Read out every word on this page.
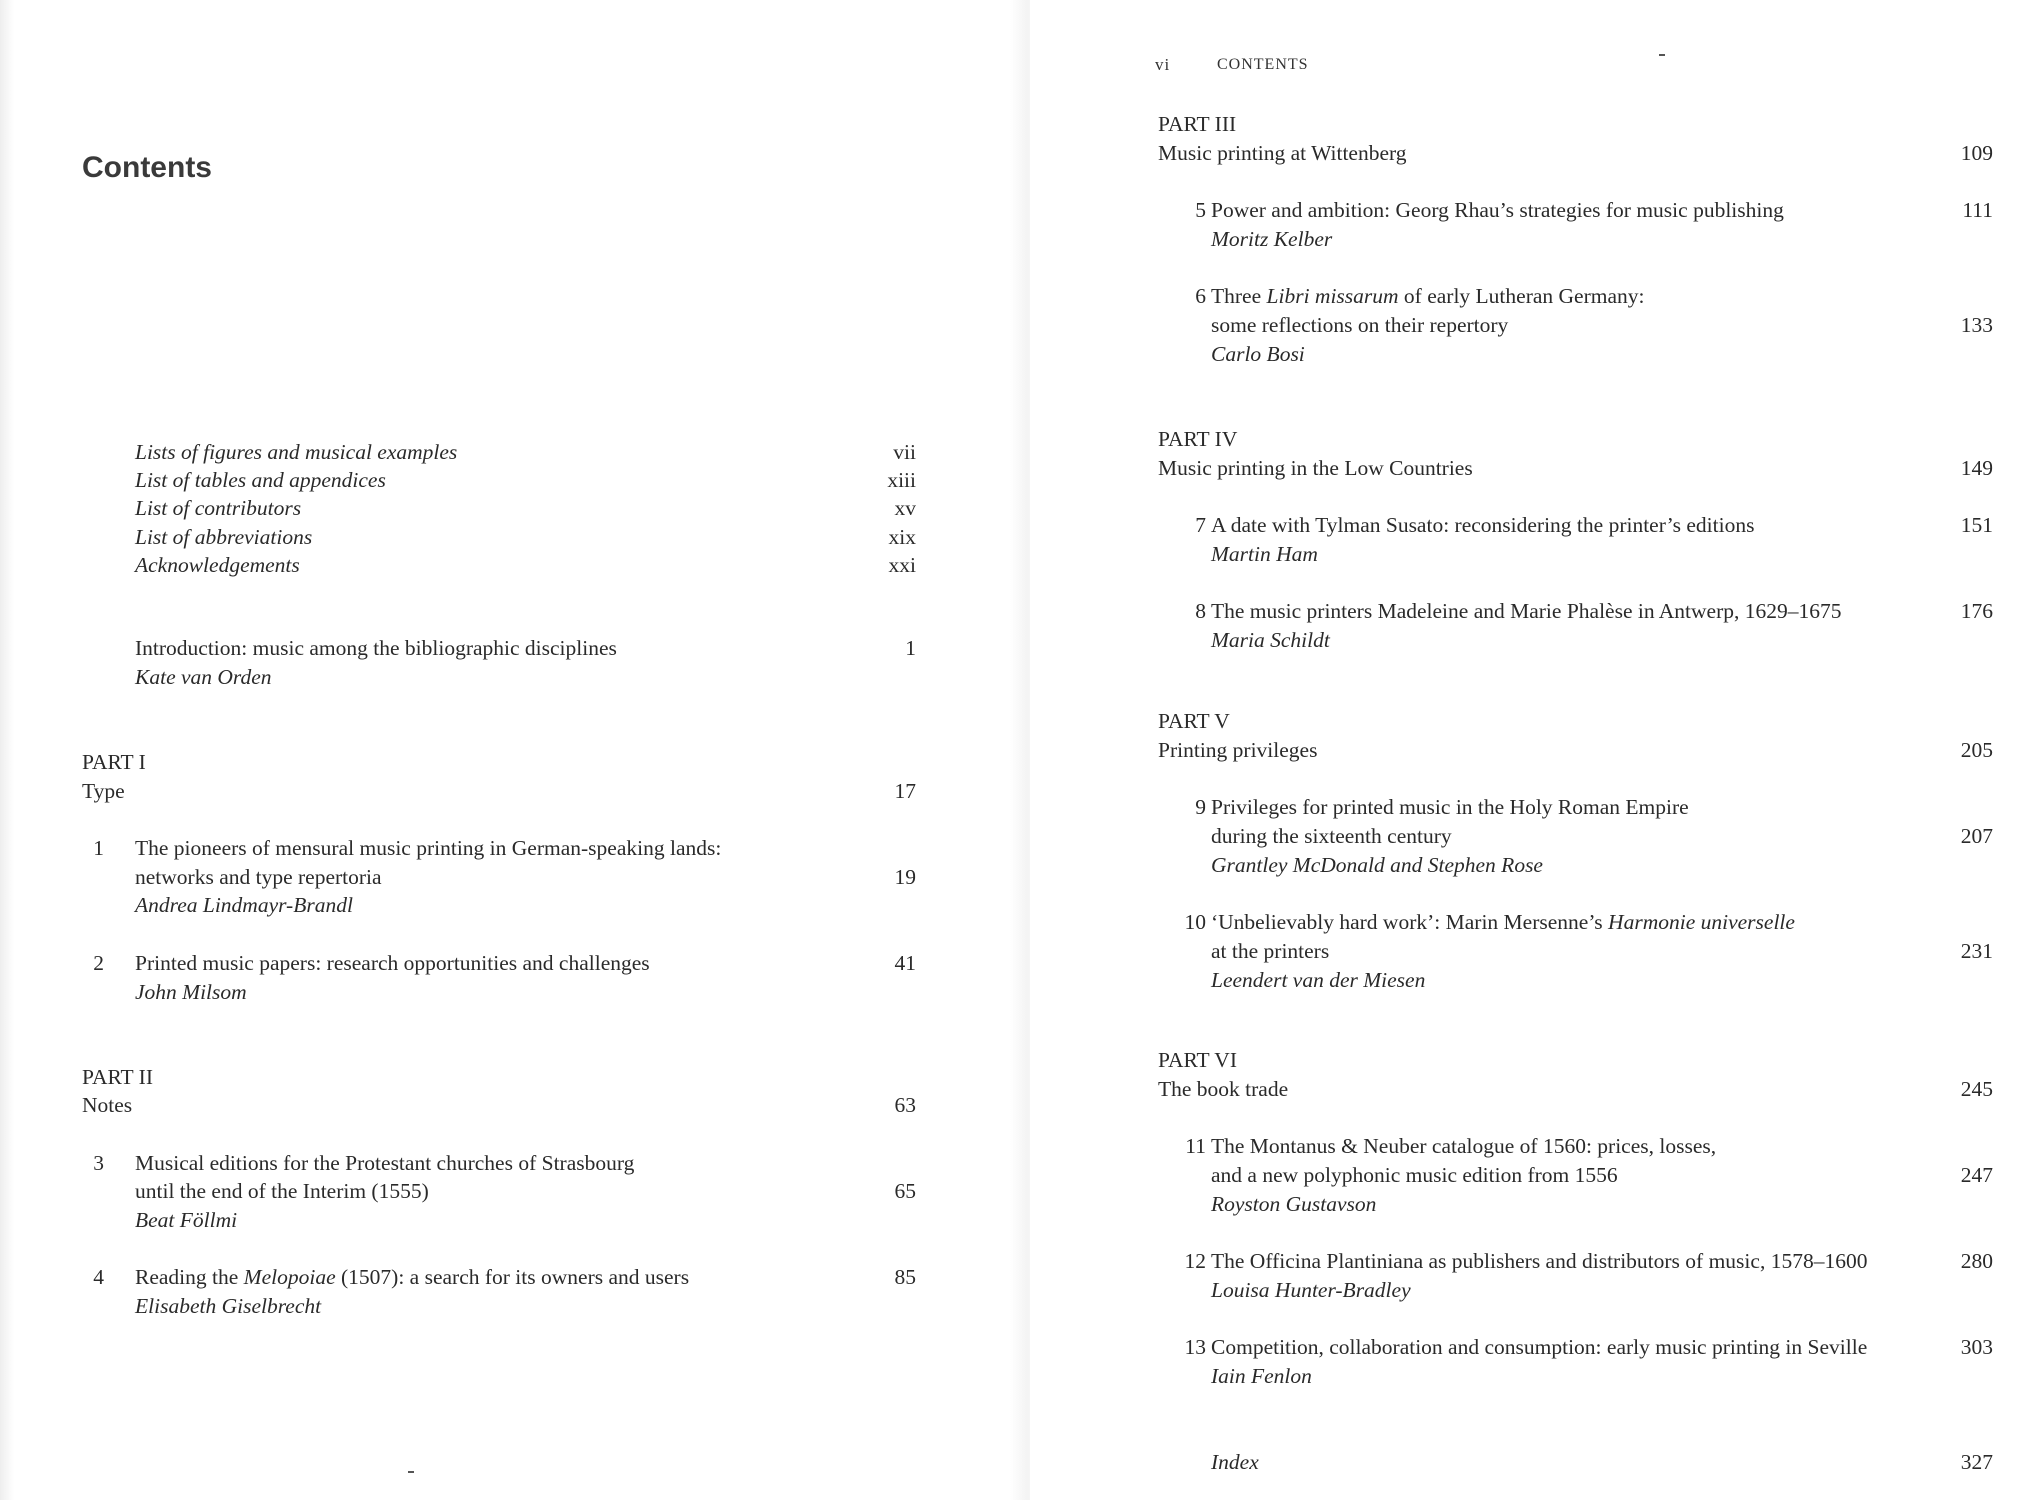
Contents
Lists of figures and musical examples	vii
List of tables and appendices	xiii
List of contributors	xv
List of abbreviations	xix
Acknowledgements	xxi
Introduction: music among the bibliographic disciplines	1
Kate van Orden
PART I
Type	17
1 The pioneers of mensural music printing in German-speaking lands:
networks and type repertoria	19
Andrea Lindmayr-Brandl
2 Printed music papers: research opportunities and challenges	41
John Milsom
PART II
Notes	63
3 Musical editions for the Protestant churches of Strasbourg
until the end of the Interim (1555)	65
Beat Föllmi
4 Reading the Melopoiae (1507): a search for its owners and users	85
Elisabeth Giselbrecht
vi	CONTENTS
PART III
Music printing at Wittenberg	109
5 Power and ambition: Georg Rhau’s strategies for music publishing	111
Moritz Kelber
6 Three Libri missarum of early Lutheran Germany:
some reflections on their repertory	133
Carlo Bosi
PART IV
Music printing in the Low Countries	149
7 A date with Tylman Susato: reconsidering the printer’s editions	151
Martin Ham
8 The music printers Madeleine and Marie Phalèse in Antwerp, 1629–1675	176
Maria Schildt
PART V
Printing privileges	205
9 Privileges for printed music in the Holy Roman Empire
during the sixteenth century	207
Grantley McDonald and Stephen Rose
10 ‘Unbelievably hard work’: Marin Mersenne’s Harmonie universelle
at the printers	231
Leendert van der Miesen
PART VI
The book trade	245
11 The Montanus & Neuber catalogue of 1560: prices, losses,
and a new polyphonic music edition from 1556	247
Royston Gustavson
12 The Officina Plantiniana as publishers and distributors of music, 1578–1600	280
Louisa Hunter-Bradley
13 Competition, collaboration and consumption: early music printing in Seville	303
Iain Fenlon
Index	327
